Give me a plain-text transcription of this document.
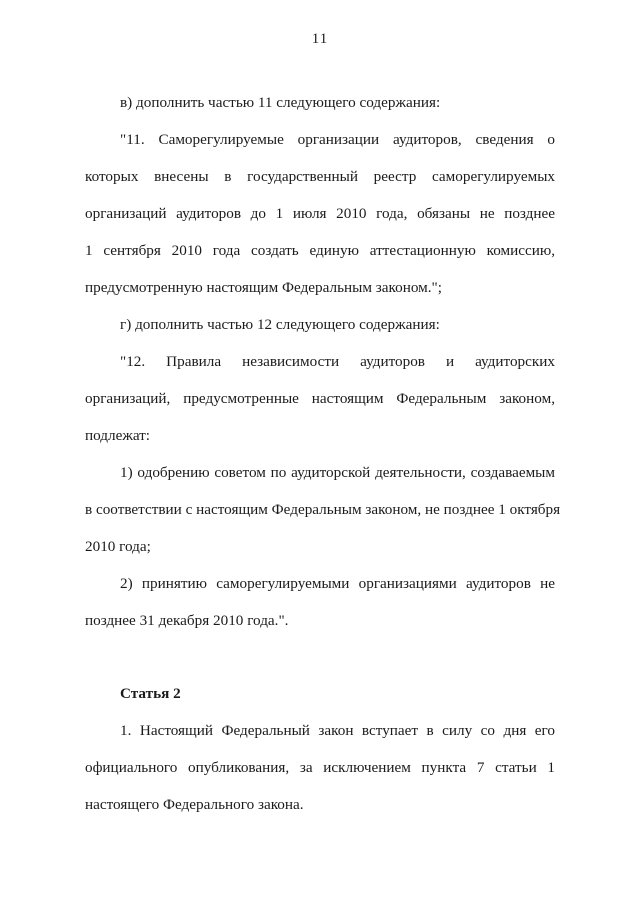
11
в) дополнить частью 11 следующего содержания:
"11. Саморегулируемые организации аудиторов, сведения о
которых внесены в государственный реестр саморегулируемых
организаций аудиторов до 1 июля 2010 года, обязаны не позднее
1 сентября 2010 года создать единую аттестационную комиссию,
предусмотренную настоящим Федеральным законом.";
г) дополнить частью 12 следующего содержания:
"12. Правила независимости аудиторов и аудиторских
организаций, предусмотренные настоящим Федеральным законом,
подлежат:
1) одобрению советом по аудиторской деятельности, создаваемым
в соответствии с настоящим Федеральным законом, не позднее 1 октября
2010 года;
2) принятию саморегулируемыми организациями аудиторов не
позднее 31 декабря 2010 года.".
Статья 2
1. Настоящий Федеральный закон вступает в силу со дня его
официального опубликования, за исключением пункта 7 статьи 1
настоящего Федерального закона.
